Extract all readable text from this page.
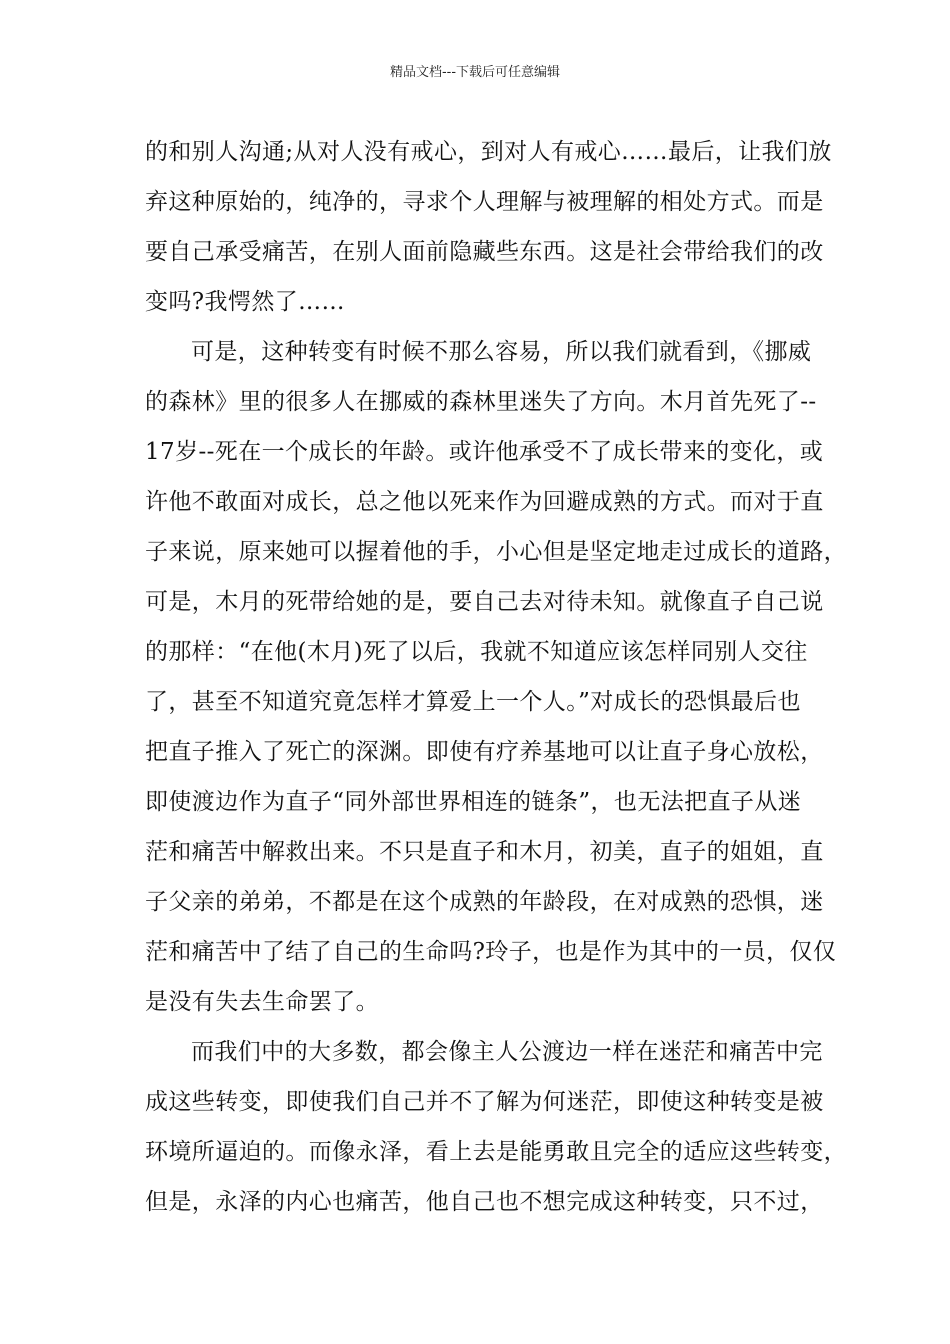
精品文档---下载后可任意编辑
的和别人沟通;从对人没有戒心，到对人有戒心……最后，让我们放
弃这种原始的，纯净的，寻求个人理解与被理解的相处方式。而是
要自己承受痛苦，在别人面前隐藏些东西。这是社会带给我们的改
变吗?我愕然了……
可是，这种转变有时候不那么容易，所以我们就看到，《挪威
的森林》里的很多人在挪威的森林里迷失了方向。木月首先死了--
17岁--死在一个成长的年龄。或许他承受不了成长带来的变化，或
许他不敢面对成长，总之他以死来作为回避成熟的方式。而对于直
子来说，原来她可以握着他的手，小心但是坚定地走过成长的道路，
可是，木月的死带给她的是，要自己去对待未知。就像直子自己说
的那样：“在他(木月)死了以后，我就不知道应该怎样同别人交往
了，甚至不知道究竟怎样才算爱上一个人。”对成长的恐惧最后也
把直子推入了死亡的深渊。即使有疗养基地可以让直子身心放松，
即使渡边作为直子“同外部世界相连的链条”，也无法把直子从迷
茫和痛苦中解救出来。不只是直子和木月，初美，直子的姐姐，直
子父亲的弟弟，不都是在这个成熟的年龄段，在对成熟的恐惧，迷
茫和痛苦中了结了自己的生命吗?玲子，也是作为其中的一员，仅仅
是没有失去生命罢了。
而我们中的大多数，都会像主人公渡边一样在迷茫和痛苦中完
成这些转变，即使我们自己并不了解为何迷茫，即使这种转变是被
环境所逼迫的。而像永泽，看上去是能勇敢且完全的适应这些转变，
但是，永泽的内心也痛苦，他自己也不想完成这种转变，只不过，
